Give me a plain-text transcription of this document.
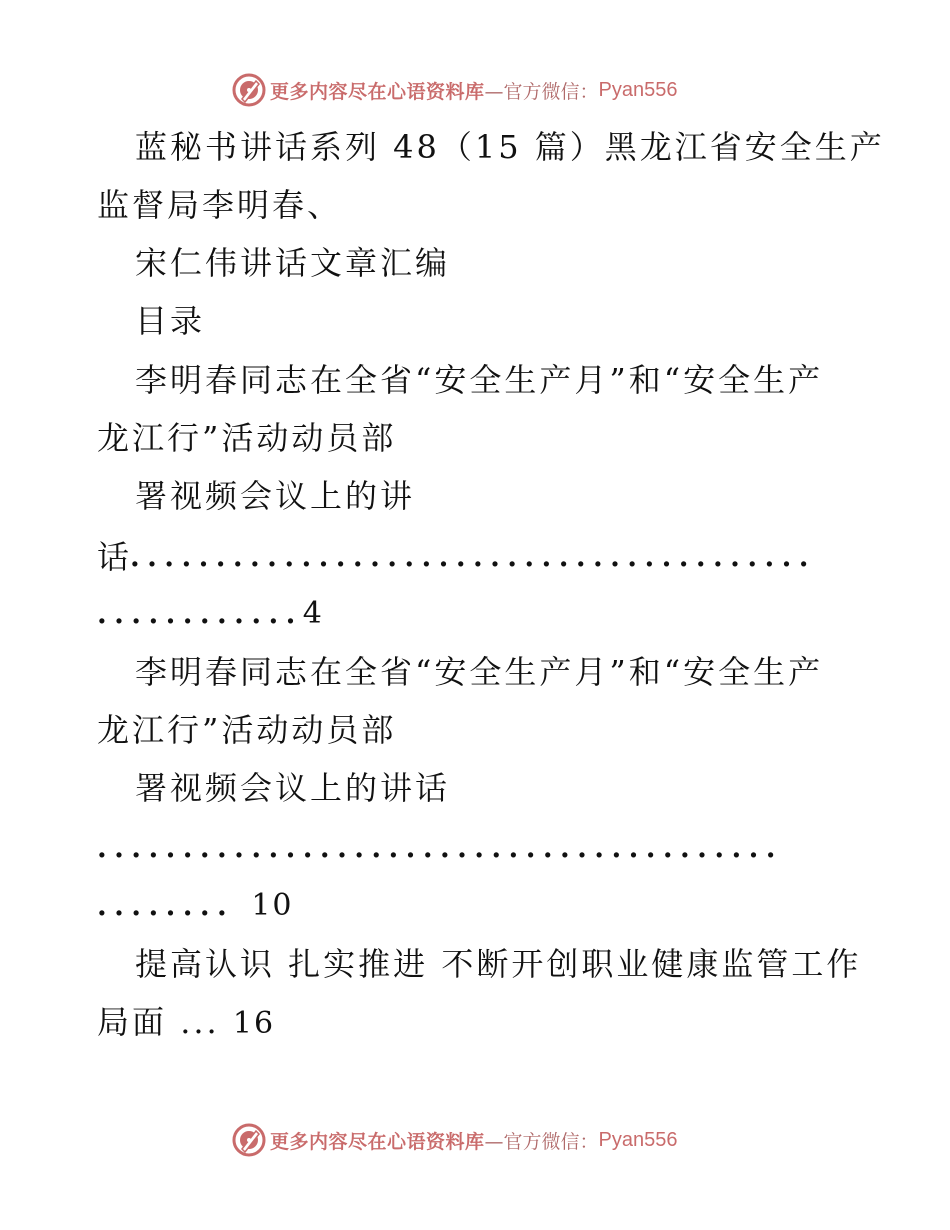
更多内容尽在心语资料库 —官方微信： Pyan556
蓝秘书讲话系列 48（15 篇）黑龙江省安全生产
监督局李明春、
宋仁伟讲话文章汇编
目录
李明春同志在全省“安全生产月”和“安全生产
龙江行”活动动员部
署视频会议上的讲
话
........................................
............4
李明春同志在全省“安全生产月”和“安全生产
龙江行”活动动员部
署视频会议上的讲话
........................................
........ 10
提高认识 扎实推进 不断开创职业健康监管工作
局面 ... 16
更多内容尽在心语资料库 —官方微信： Pyan556
